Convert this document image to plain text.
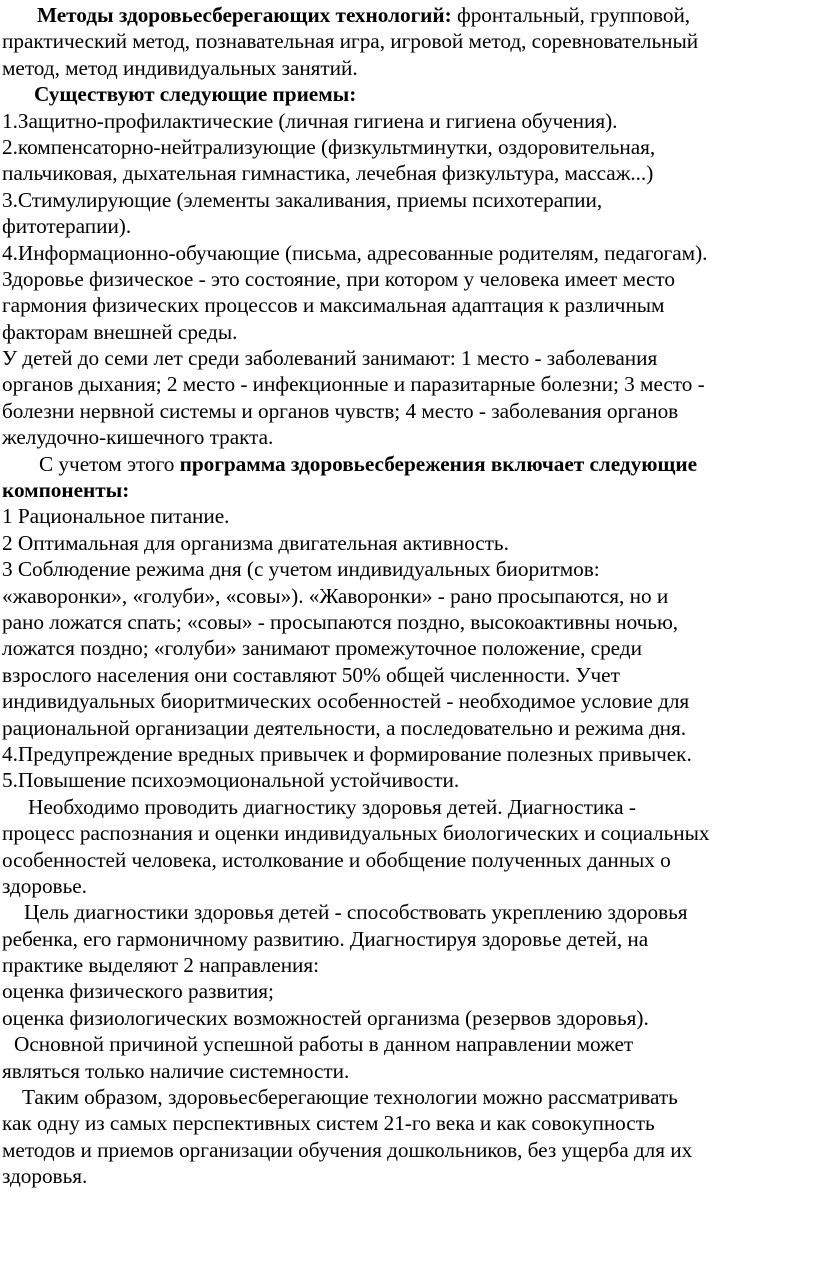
Методы здоровьесберегающих технологий: фронтальный, групповой,
практический метод, познавательная игра, игровой метод, соревновательный
метод, метод индивидуальных занятий.
Существуют следующие приемы:
1.Защитно-профилактические (личная гигиена и гигиена обучения).
2.компенсаторно-нейтрализующие (физкультминутки, оздоровительная,
пальчиковая, дыхательная гимнастика, лечебная физкультура, массаж...)
3.Стимулирующие (элементы закаливания, приемы психотерапии,
фитотерапии).
4.Информационно-обучающие (письма, адресованные родителям, педагогам).
Здоровье физическое - это состояние, при котором у человека имеет место
гармония физических процессов и максимальная адаптация к различным
факторам внешней среды.
У детей до семи лет среди заболеваний занимают: 1 место - заболевания
органов дыхания; 2 место - инфекционные и паразитарные болезни; 3 место -
болезни нервной системы и органов чувств; 4 место - заболевания органов
желудочно-кишечного тракта.
С учетом этого программа здоровьесбережения включает следующие
компоненты:
1 Рациональное питание.
2 Оптимальная для организма двигательная активность.
3 Соблюдение режима дня (с учетом индивидуальных биоритмов:
«жаворонки», «голуби», «совы»). «Жаворонки» - рано просыпаются, но и
рано ложатся спать; «совы» - просыпаются поздно, высокоактивны ночью,
ложатся поздно; «голуби» занимают промежуточное положение, среди
взрослого населения они составляют 50% общей численности. Учет
индивидуальных биоритмических особенностей - необходимое условие для
рациональной организации деятельности, а последовательно и режима дня.
4.Предупреждение вредных привычек и формирование полезных привычек.
5.Повышение психоэмоциональной устойчивости.
Необходимо проводить диагностику здоровья детей. Диагностика -
процесс распознания и оценки индивидуальных биологических и социальных
особенностей человека, истолкование и обобщение полученных данных о
здоровье.
Цель диагностики здоровья детей - способствовать укреплению здоровья
ребенка, его гармоничному развитию. Диагностируя здоровье детей, на
практике выделяют 2 направления:
оценка физического развития;
оценка физиологических возможностей организма (резервов здоровья).
Основной причиной успешной работы в данном направлении может
являться только наличие системности.
Таким образом, здоровьесберегающие технологии можно рассматривать
как одну из самых перспективных систем 21-го века и как совокупность
методов и приемов организации обучения дошкольников, без ущерба для их
здоровья.
